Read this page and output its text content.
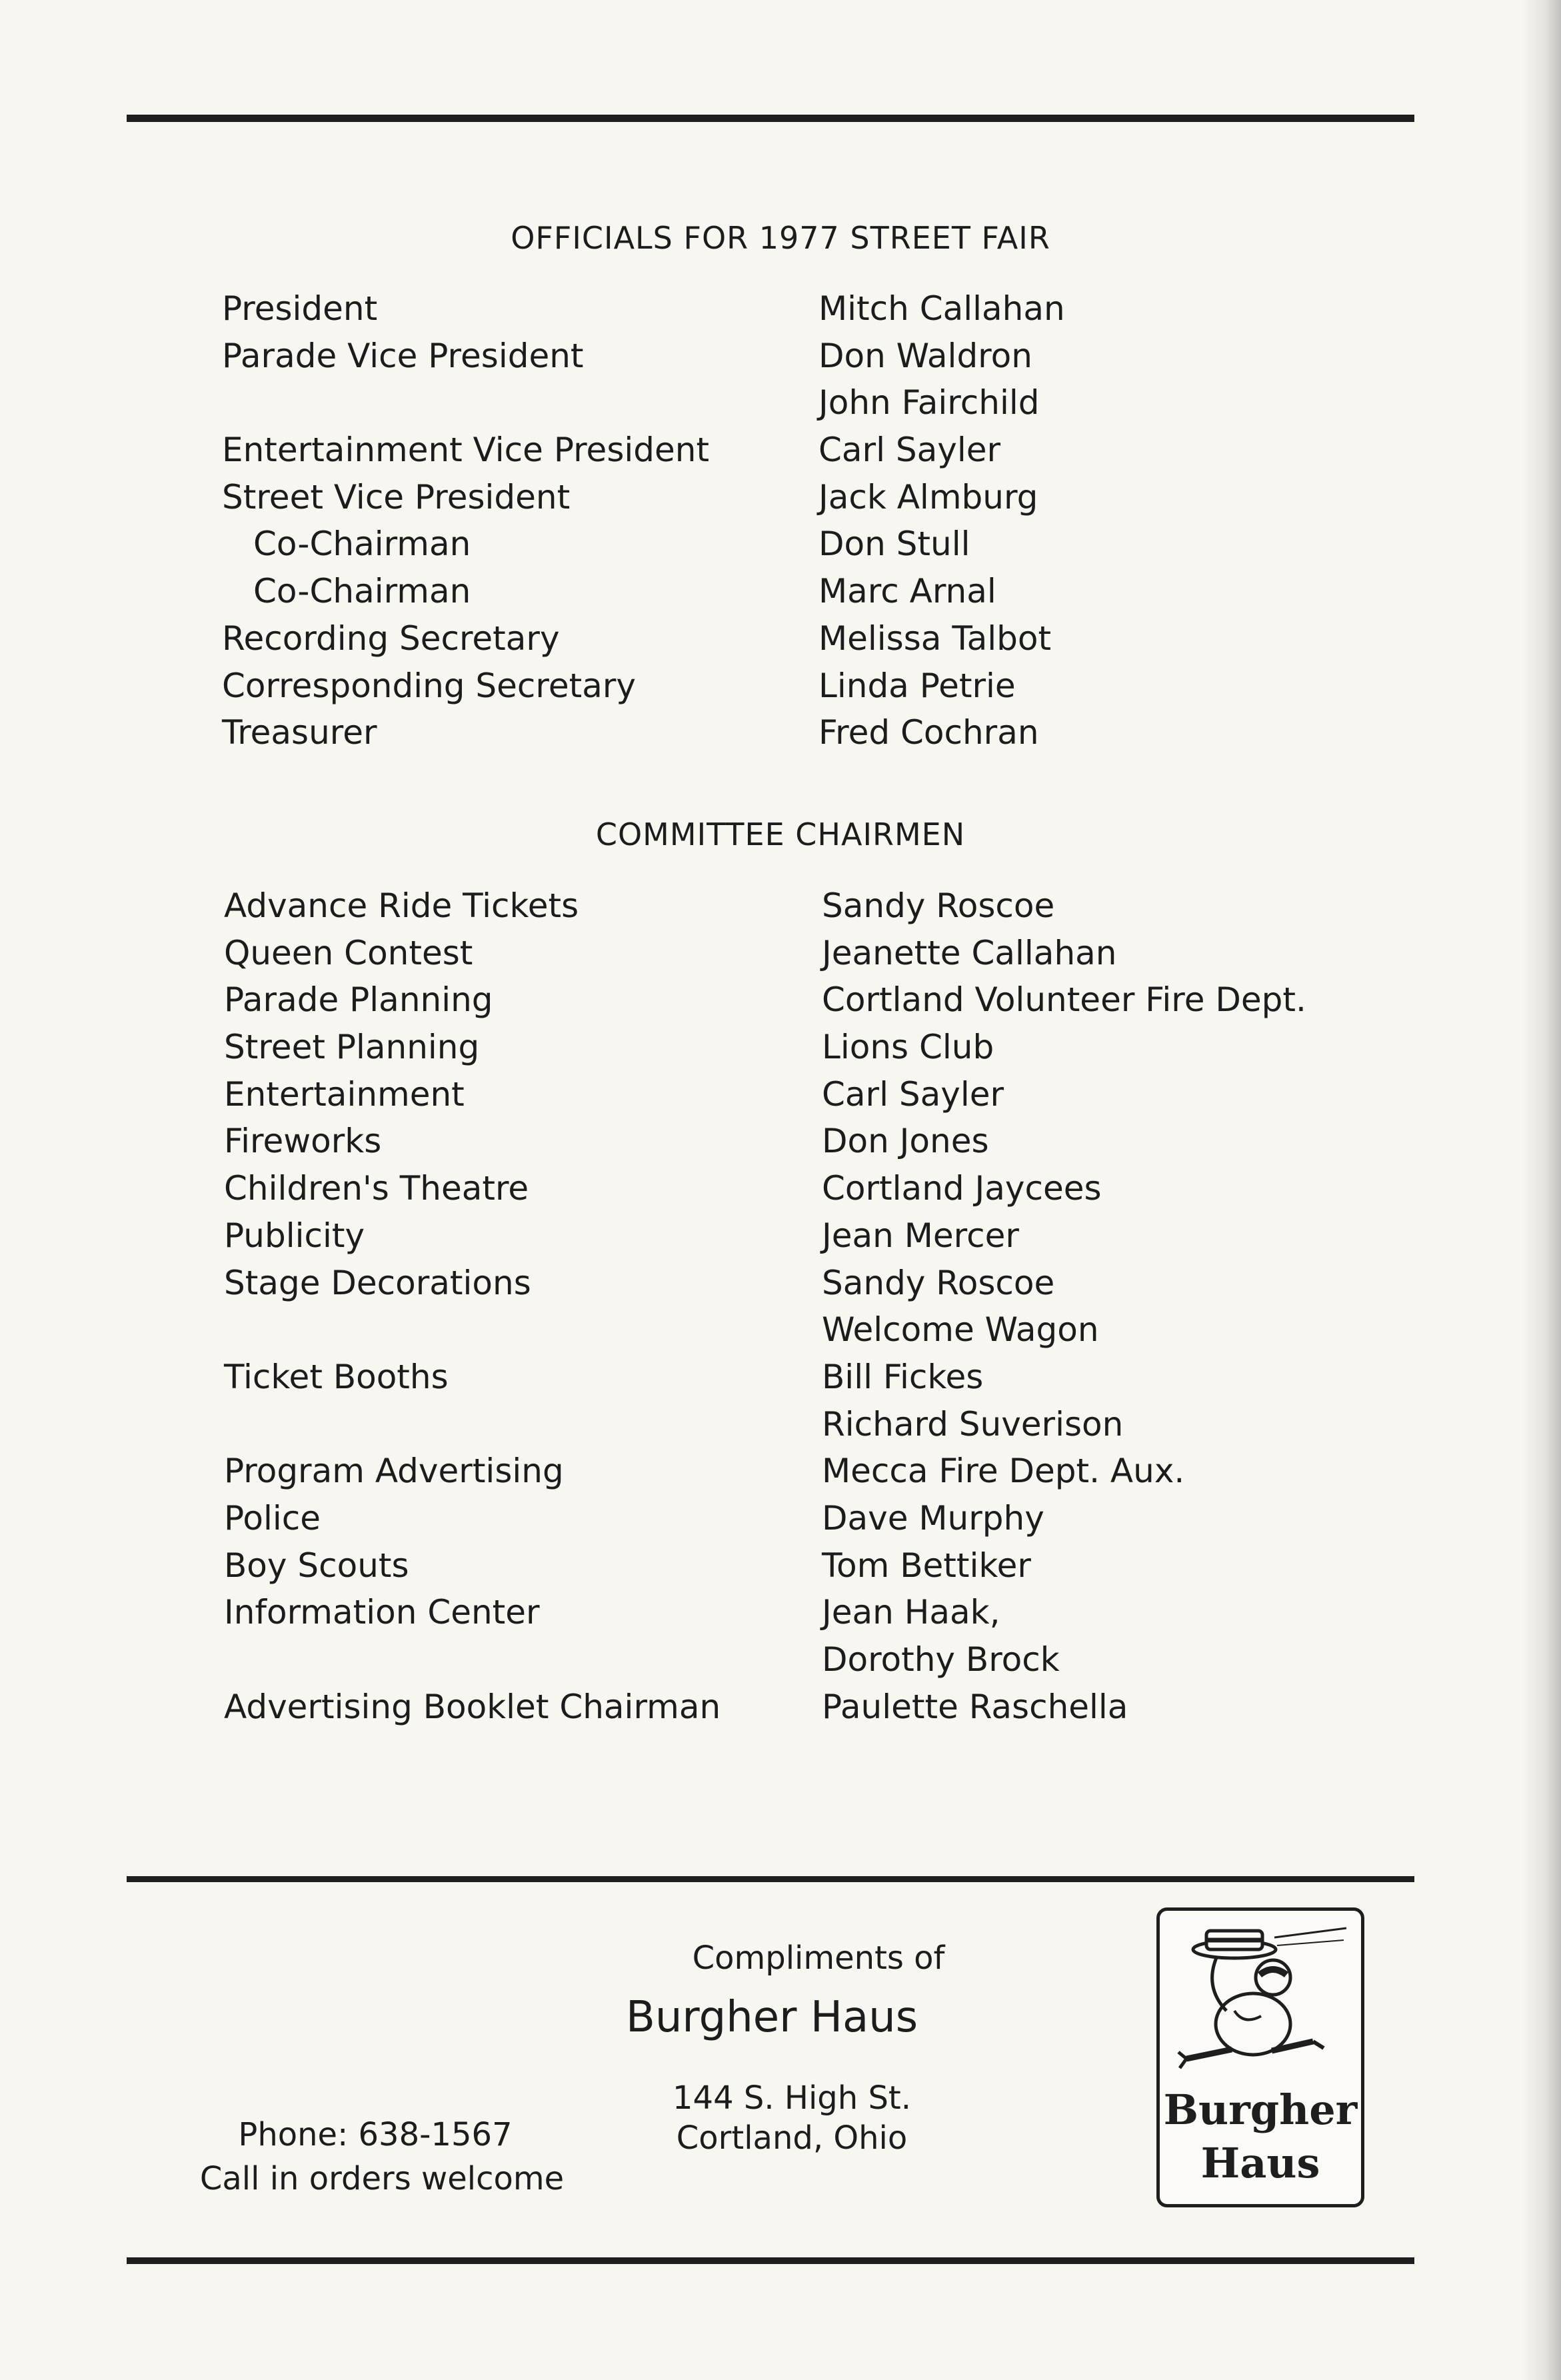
OFFICIALS FOR 1977 STREET FAIR
President	Mitch Callahan
Parade Vice President	Don Waldron
John Fairchild
Entertainment Vice President	Carl Sayler
Street Vice President	Jack Almburg
Co-Chairman	Don Stull
Co-Chairman	Marc Arnal
Recording Secretary	Melissa Talbot
Corresponding Secretary	Linda Petrie
Treasurer	Fred Cochran
COMMITTEE CHAIRMEN
Advance Ride Tickets	Sandy Roscoe
Queen Contest	Jeanette Callahan
Parade Planning	Cortland Volunteer Fire Dept.
Street Planning	Lions Club
Entertainment	Carl Sayler
Fireworks	Don Jones
Children's Theatre	Cortland Jaycees
Publicity	Jean Mercer
Stage Decorations	Sandy Roscoe
Welcome Wagon
Ticket Booths	Bill Fickes
Richard Suverison
Program Advertising	Mecca Fire Dept. Aux.
Police	Dave Murphy
Boy Scouts	Tom Bettiker
Information Center	Jean Haak,
Dorothy Brock
Advertising Booklet Chairman	Paulette Raschella
Compliments of
Burgher Haus
144 S. High St.
Cortland, Ohio
Phone: 638-1567
Call in orders welcome
Burgher
Haus
